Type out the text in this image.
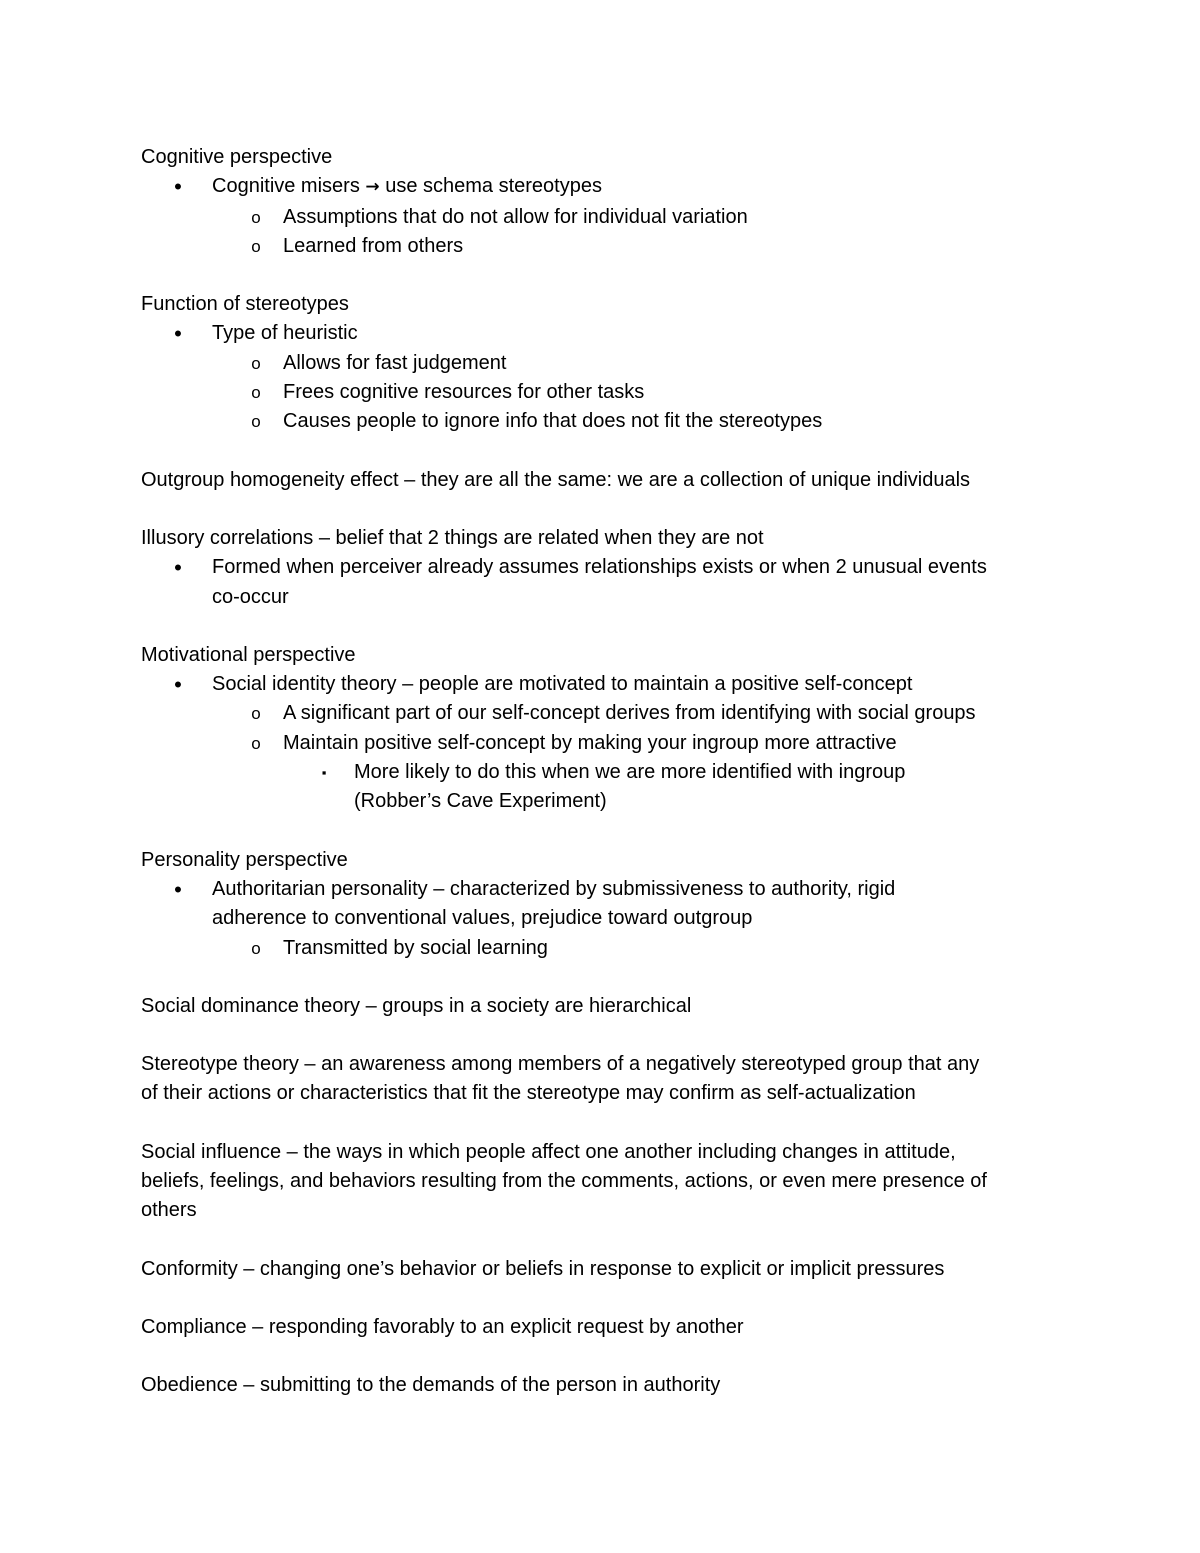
Cognitive perspective
• Cognitive misers → use schema stereotypes
o Assumptions that do not allow for individual variation
o Learned from others
Function of stereotypes
• Type of heuristic
o Allows for fast judgement
o Frees cognitive resources for other tasks
o Causes people to ignore info that does not fit the stereotypes

Outgroup homogeneity effect – they are all the same: we are a collection of unique individuals

Illusory correlations – belief that 2 things are related when they are not
• Formed when perceiver already assumes relationships exists or when 2 unusual events
co-occur
Motivational perspective
• Social identity theory – people are motivated to maintain a positive self-concept
o A significant part of our self-concept derives from identifying with social groups
o Maintain positive self-concept by making your ingroup more attractive
▪ More likely to do this when we are more identified with ingroup
(Robber’s Cave Experiment)
Personality perspective
• Authoritarian personality – characterized by submissiveness to authority, rigid
adherence to conventional values, prejudice toward outgroup
o Transmitted by social learning

Social dominance theory – groups in a society are hierarchical

Stereotype theory – an awareness among members of a negatively stereotyped group that any

of their actions or characteristics that fit the stereotype may confirm as self-actualization

Social influence – the ways in which people affect one another including changes in attitude,

beliefs, feelings, and behaviors resulting from the comments, actions, or even mere presence of

others

Conformity – changing one’s behavior or beliefs in response to explicit or implicit pressures

Compliance – responding favorably to an explicit request by another

Obedience – submitting to the demands of the person in authority
